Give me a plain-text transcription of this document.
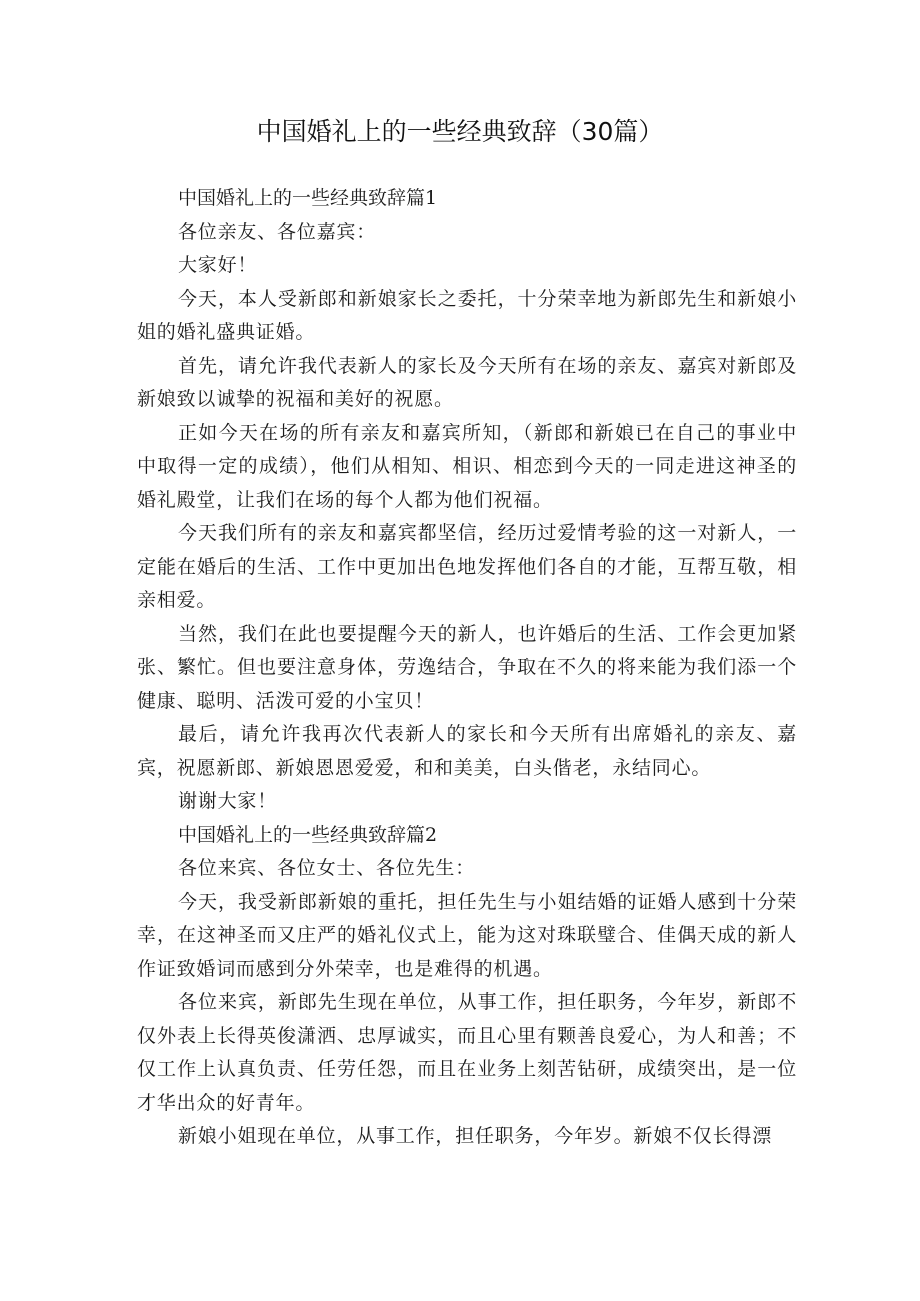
中国婚礼上的一些经典致辞（30篇）

中国婚礼上的一些经典致辞篇1

各位亲友、各位嘉宾：

大家好！

今天，本人受新郎和新娘家长之委托，十分荣幸地为新郎先生和新娘小姐的婚礼盛典证婚。

首先，请允许我代表新人的家长及今天所有在场的亲友、嘉宾对新郎及新娘致以诚挚的祝福和美好的祝愿。

正如今天在场的所有亲友和嘉宾所知，（新郎和新娘已在自己的事业中中取得一定的成绩），他们从相知、相识、相恋到今天的一同走进这神圣的婚礼殿堂，让我们在场的每个人都为他们祝福。

今天我们所有的亲友和嘉宾都坚信，经历过爱情考验的这一对新人，一定能在婚后的生活、工作中更加出色地发挥他们各自的才能，互帮互敬，相亲相爱。

当然，我们在此也要提醒今天的新人，也许婚后的生活、工作会更加紧张、繁忙。但也要注意身体，劳逸结合，争取在不久的将来能为我们添一个健康、聪明、活泼可爱的小宝贝！

最后，请允许我再次代表新人的家长和今天所有出席婚礼的亲友、嘉宾，祝愿新郎、新娘恩恩爱爱，和和美美，白头偕老，永结同心。

谢谢大家！

中国婚礼上的一些经典致辞篇2

各位来宾、各位女士、各位先生：

今天，我受新郎新娘的重托，担任先生与小姐结婚的证婚人感到十分荣幸，在这神圣而又庄严的婚礼仪式上，能为这对珠联璧合、佳偶天成的新人作证致婚词而感到分外荣幸，也是难得的机遇。

各位来宾，新郎先生现在单位，从事工作，担任职务，今年岁，新郎不仅外表上长得英俊潇洒、忠厚诚实，而且心里有颗善良爱心，为人和善；不仅工作上认真负责、任劳任怨，而且在业务上刻苦钻研，成绩突出，是一位才华出众的好青年。

新娘小姐现在单位，从事工作，担任职务，今年岁。新娘不仅长得漂
